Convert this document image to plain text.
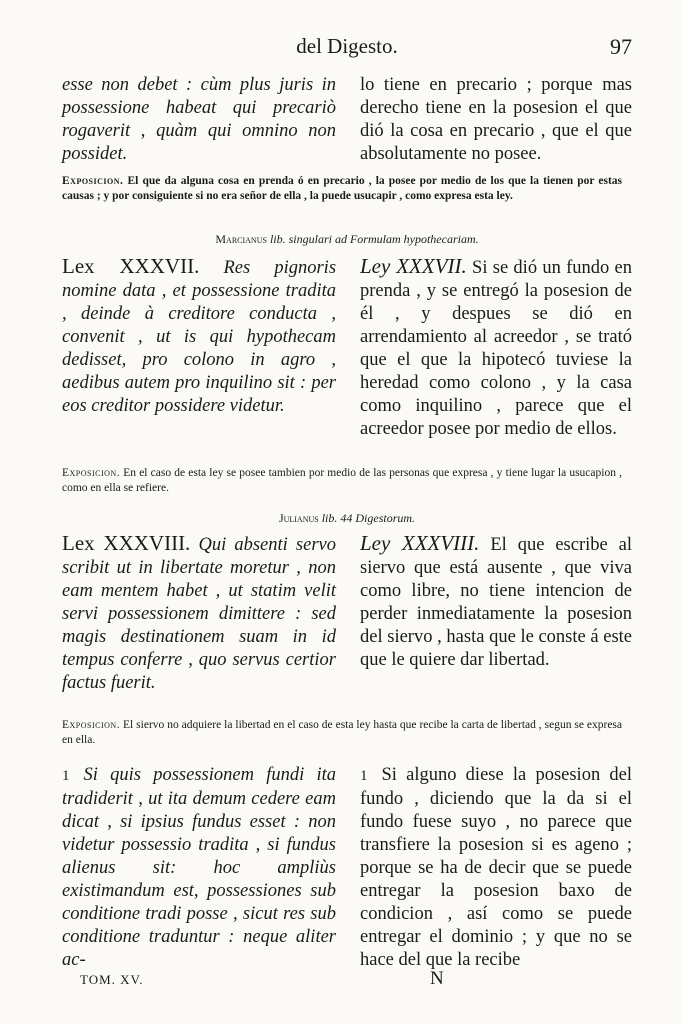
del Digesto.	97
esse non debet : cùm plus juris in possessione habeat qui precariò rogaverit , quàm qui omnino non possidet.
lo tiene en precario ; porque mas derecho tiene en la posesion el que dió la cosa en precario , que el que absolutamente no posee.
Exposicion. El que da alguna cosa en prenda ó en precario , la posee por medio de los que la tienen por estas causas ; y por consiguiente si no era señor de ella , la puede usucapir , como expresa esta ley.
Marcianus lib. singulari ad Formulam hypothecariam.
Lex XXXVII. Res pignoris nomine data , et possessione tradita , deinde à creditore conducta , convenit , ut is qui hypothecam dedisset, pro colono in agro , aedibus autem pro inquilino sit : per eos creditor possidere videtur.
Ley XXXVII. Si se dió un fundo en prenda , y se entregó la posesion de él , y despues se dió en arrendamiento al acreedor , se trató que el que la hipotecó tuviese la heredad como colono , y la casa como inquilino , parece que el acreedor posee por medio de ellos.
Exposicion. En el caso de esta ley se posee tambien por medio de las personas que expresa , y tiene lugar la usucapion , como en ella se refiere.
Julianus lib. 44 Digestorum.
Lex XXXVIII. Qui absenti servo scribit ut in libertate moretur , non eam mentem habet , ut statim velit servi possessionem dimittere : sed magis destinationem suam in id tempus conferre , quo servus certior factus fuerit.
Ley XXXVIII. El que escribe al siervo que está ausente , que viva como libre, no tiene intencion de perder inmediatamente la posesion del siervo , hasta que le conste á este que le quiere dar libertad.
Exposicion. El siervo no adquiere la libertad en el caso de esta ley hasta que recibe la carta de libertad , segun se expresa en ella.
1 Si quis possessionem fundi ita tradiderit , ut ita demum cedere eam dicat , si ipsius fundus esset : non videtur possessio tradita , si fundus alienus sit: hoc ampliùs existimandum est, possessiones sub conditione tradi posse , sicut res sub conditione traduntur : neque aliter ac-
1 Si alguno diese la posesion del fundo , diciendo que la da si el fundo fuese suyo , no parece que transfiere la posesion si es ageno ; porque se ha de decir que se puede entregar la posesion baxo de condicion , así como se puede entregar el dominio ; y que no se hace del que la recibe
TOM. XV.	N
